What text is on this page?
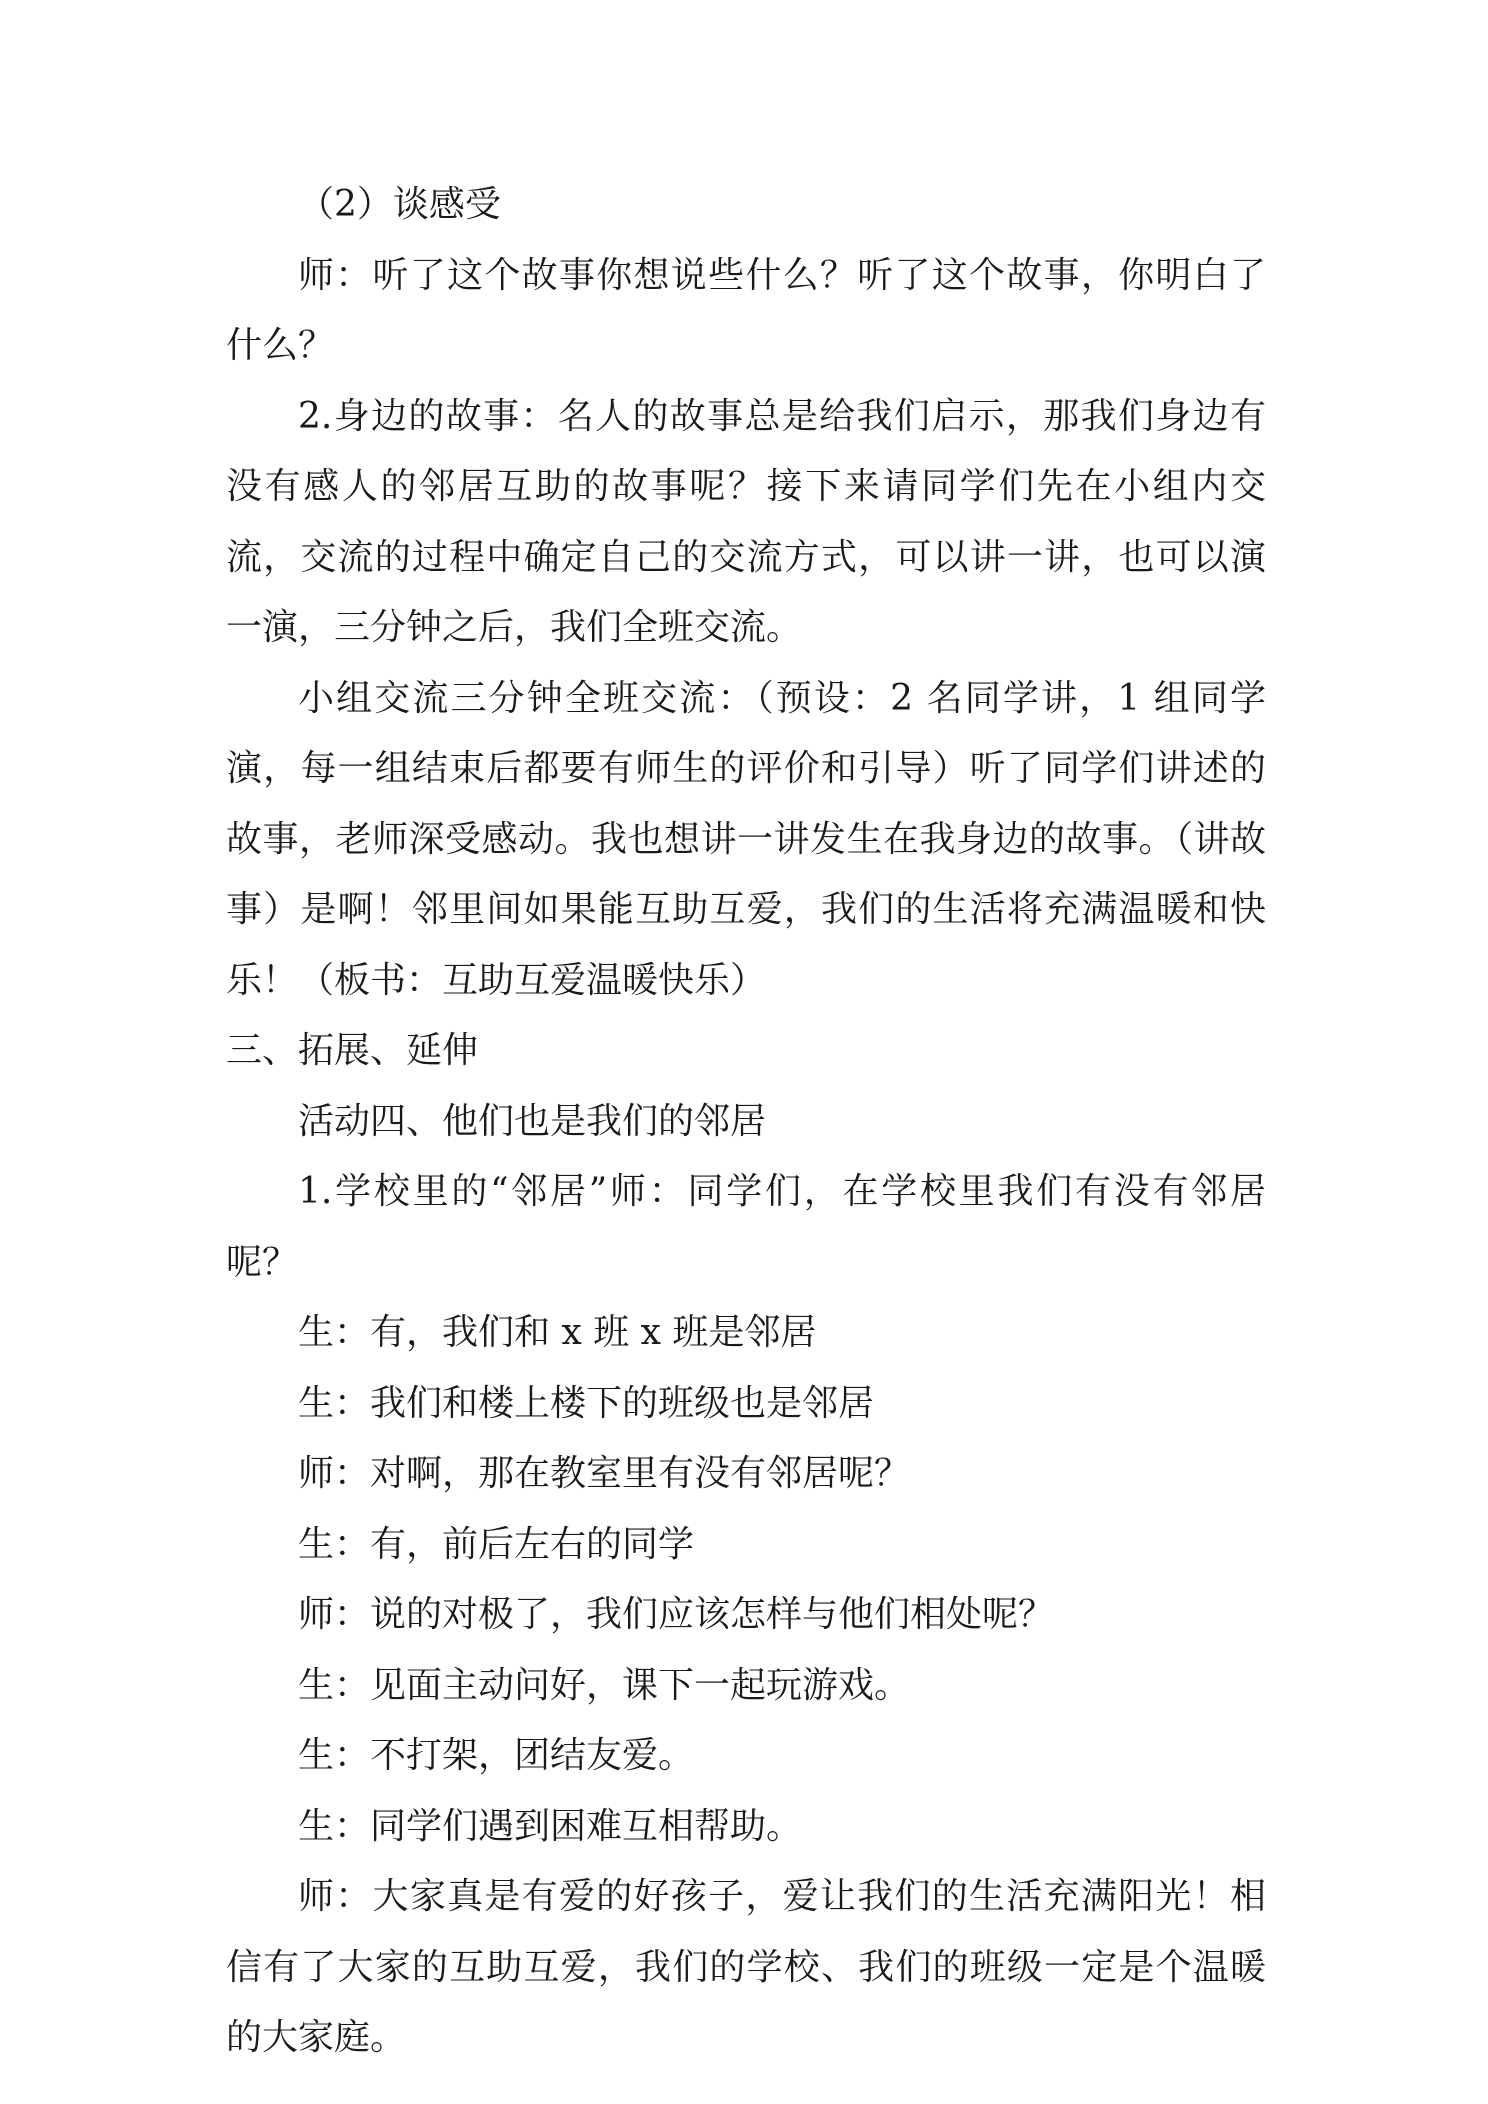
（2）谈感受

师：听了这个故事你想说些什么？听了这个故事，你明白了什么？

2.身边的故事：名人的故事总是给我们启示，那我们身边有没有感人的邻居互助的故事呢？接下来请同学们先在小组内交流，交流的过程中确定自己的交流方式，可以讲一讲，也可以演一演，三分钟之后，我们全班交流。

小组交流三分钟全班交流：（预设：2 名同学讲，1 组同学演，每一组结束后都要有师生的评价和引导）听了同学们讲述的故事，老师深受感动。我也想讲一讲发生在我身边的故事。（讲故事）是啊！邻里间如果能互助互爱，我们的生活将充满温暖和快乐！（板书：互助互爱温暖快乐）

三、拓展、延伸

活动四、他们也是我们的邻居

1.学校里的“邻居”师：同学们，在学校里我们有没有邻居呢？

生：有，我们和 x 班 x 班是邻居

生：我们和楼上楼下的班级也是邻居

师：对啊，那在教室里有没有邻居呢？

生：有，前后左右的同学

师：说的对极了，我们应该怎样与他们相处呢？

生：见面主动问好，课下一起玩游戏。

生：不打架，团结友爱。

生：同学们遇到困难互相帮助。

师：大家真是有爱的好孩子，爱让我们的生活充满阳光！相信有了大家的互助互爱，我们的学校、我们的班级一定是个温暖的大家庭。
